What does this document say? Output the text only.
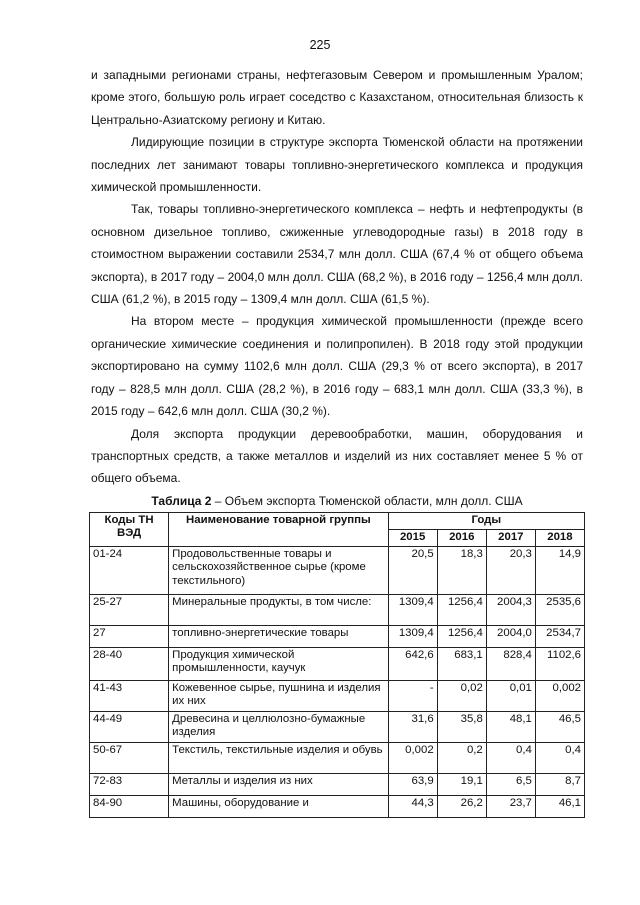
225

и западными регионами страны, нефтегазовым Севером и промышленным Уралом; кроме этого, большую роль играет соседство с Казахстаном, относительная близость к Центрально-Азиатскому региону и Китаю.

Лидирующие позиции в структуре экспорта Тюменской области на протяжении последних лет занимают товары топливно-энергетического комплекса и продукция химической промышленности.

Так, товары топливно-энергетического комплекса – нефть и нефтепродукты (в основном дизельное топливо, сжиженные углеводородные газы) в 2018 году в стоимостном выражении составили 2534,7 млн долл. США (67,4 % от общего объема экспорта), в 2017 году – 2004,0 млн долл. США (68,2 %), в 2016 году – 1256,4 млн долл. США (61,2 %), в 2015 году – 1309,4 млн долл. США (61,5 %).

На втором месте – продукция химической промышленности (прежде всего органические химические соединения и полипропилен). В 2018 году этой продукции экспортировано на сумму 1102,6 млн долл. США (29,3 % от всего экспорта), в 2017 году – 828,5 млн долл. США (28,2 %), в 2016 году – 683,1 млн долл. США (33,3 %), в 2015 году – 642,6 млн долл. США (30,2 %).

Доля экспорта продукции деревообработки, машин, оборудования и транспортных средств, а также металлов и изделий из них составляет менее 5 % от общего объема.

Таблица 2 – Объем экспорта Тюменской области, млн долл. США

Коды ТН ВЭД	Наименование товарной группы	Годы			
		2015	2016	2017	2018
01-24	Продовольственные товары и сельскохозяйственное сырье (кроме текстильного)	20,5	18,3	20,3	14,9
25-27	Минеральные продукты, в том числе:	1309,4	1256,4	2004,3	2535,6
27	топливно-энергетические товары	1309,4	1256,4	2004,0	2534,7
28-40	Продукция химической промышленности, каучук	642,6	683,1	828,4	1102,6
41-43	Кожевенное сырье, пушнина и изделия их них	-	0,02	0,01	0,002
44-49	Древесина и целлюлозно-бумажные изделия	31,6	35,8	48,1	46,5
50-67	Текстиль, текстильные изделия и обувь	0,002	0,2	0,4	0,4
72-83	Металлы и изделия из них	63,9	19,1	6,5	8,7
84-90	Машины, оборудование и	44,3	26,2	23,7	46,1
